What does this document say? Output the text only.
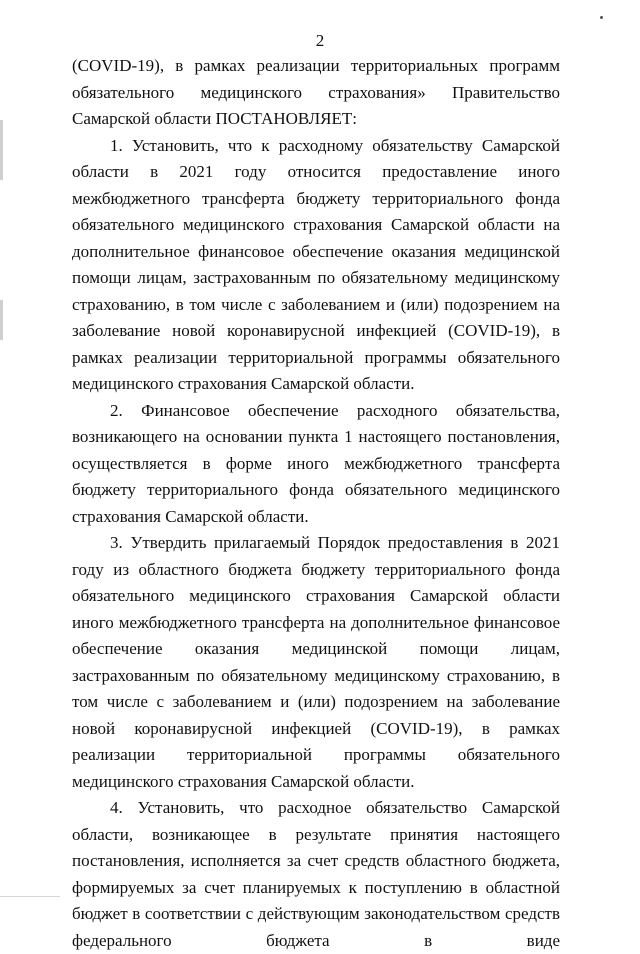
2

(COVID-19), в рамках реализации территориальных программ обязательного медицинского страхования» Правительство Самарской области ПОСТАНОВЛЯЕТ:

1. Установить, что к расходному обязательству Самарской области в 2021 году относится предоставление иного межбюджетного трансферта бюджету территориального фонда обязательного медицинского страхования Самарской области на дополнительное финансовое обеспечение оказания медицинской помощи лицам, застрахованным по обязательному медицинскому страхованию, в том числе с заболеванием и (или) подозрением на заболевание новой коронавирусной инфекцией (COVID-19), в рамках реализации территориальной программы обязательного медицинского страхования Самарской области.

2. Финансовое обеспечение расходного обязательства, возникающего на основании пункта 1 настоящего постановления, осуществляется в форме иного межбюджетного трансферта бюджету территориального фонда обязательного медицинского страхования Самарской области.

3. Утвердить прилагаемый Порядок предоставления в 2021 году из областного бюджета бюджету территориального фонда обязательного медицинского страхования Самарской области иного межбюджетного трансферта на дополнительное финансовое обеспечение оказания медицинской помощи лицам, застрахованным по обязательному медицинскому страхованию, в том числе с заболеванием и (или) подозрением на заболевание новой коронавирусной инфекцией (COVID-19), в рамках реализации территориальной программы обязательного медицинского страхования Самарской области.

4. Установить, что расходное обязательство Самарской области, возникающее в результате принятия настоящего постановления, исполняется за счет средств областного бюджета, формируемых за счет планируемых к поступлению в областной бюджет в соответствии с действующим законодательством средств федерального бюджета в виде
